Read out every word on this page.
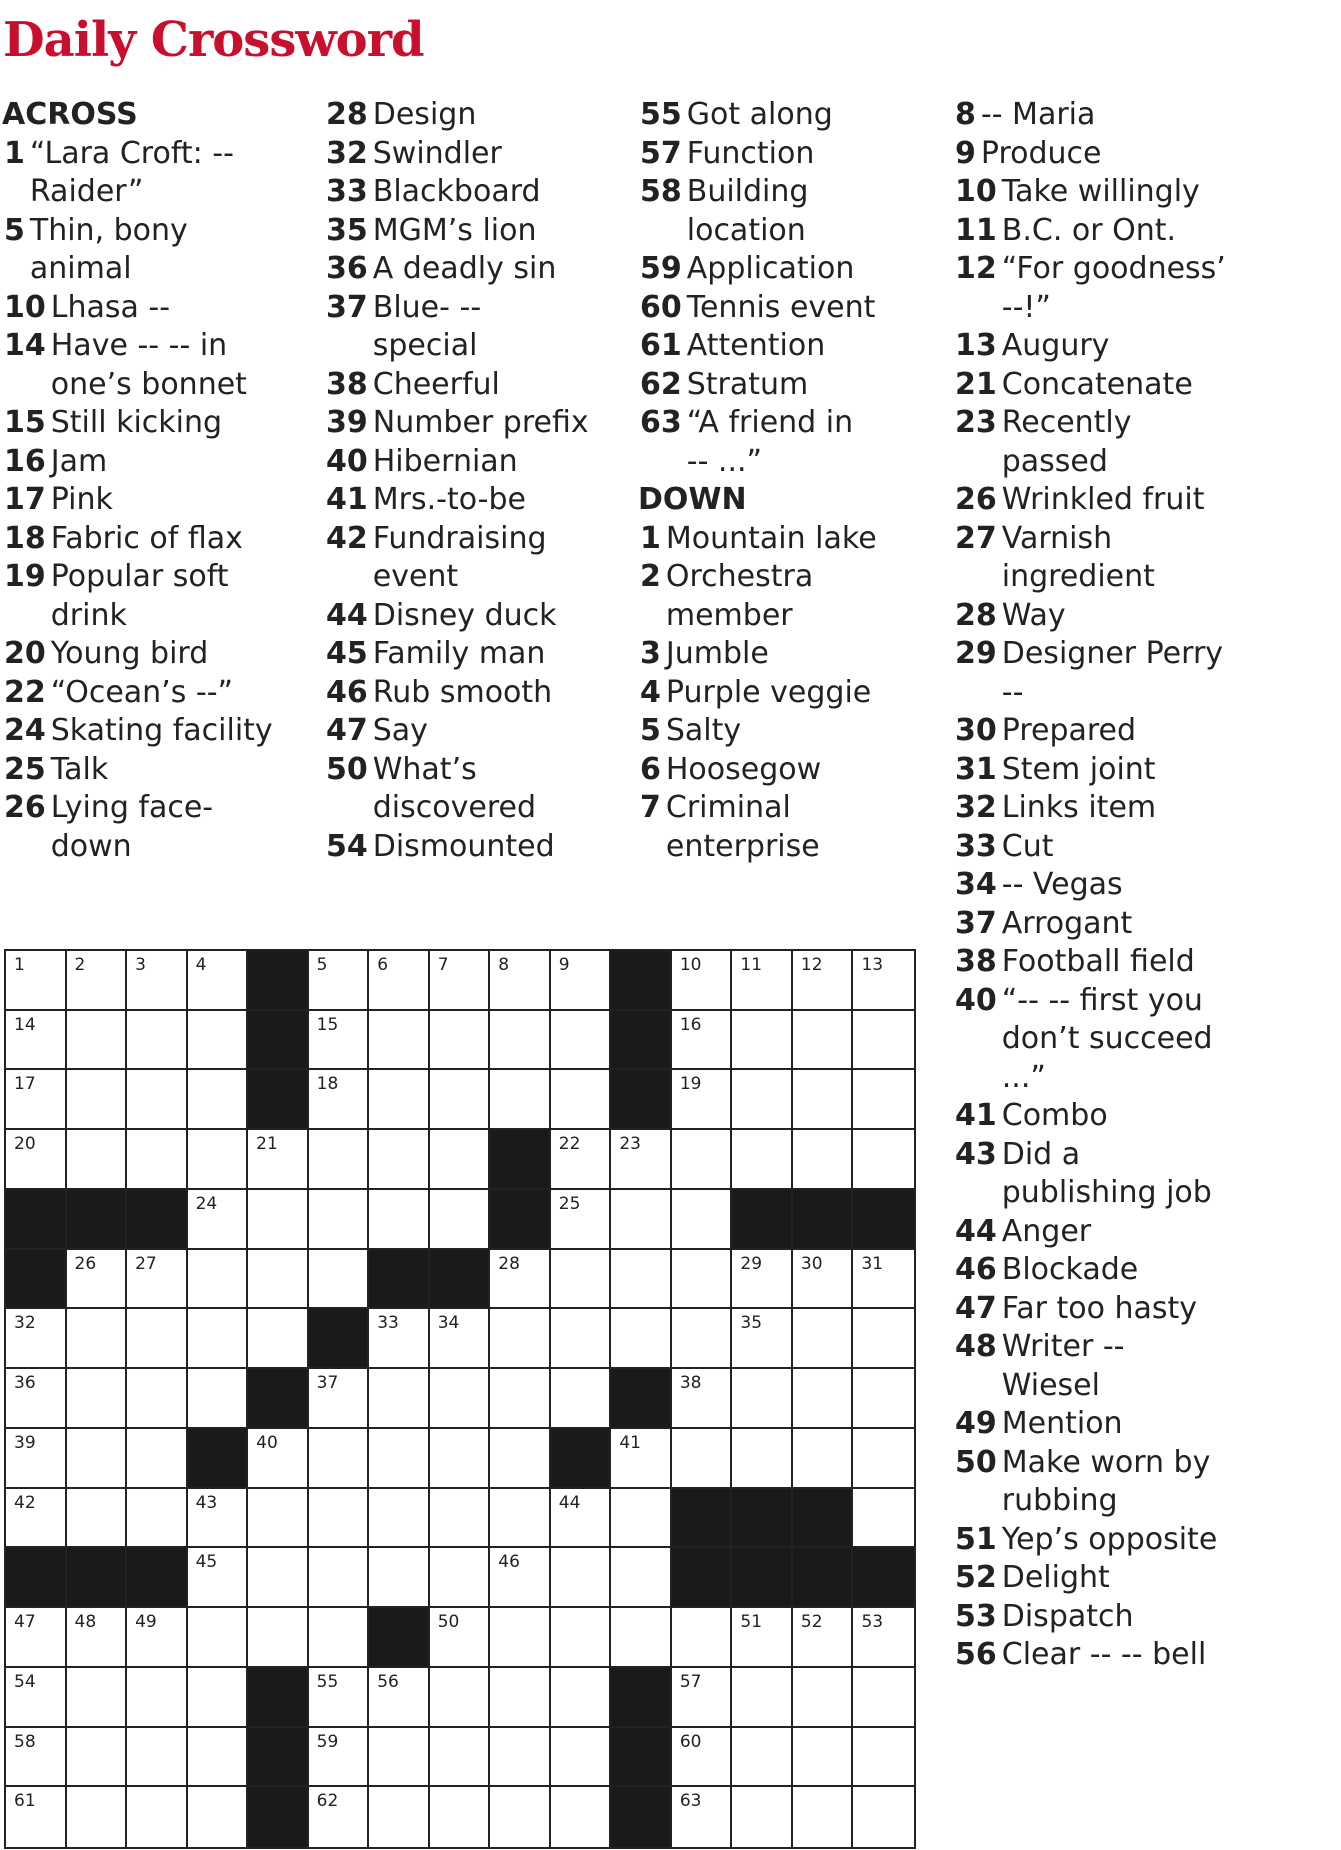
Daily Crossword
ACROSS
1 “Lara Croft: --
Raider”
5 Thin, bony
animal
10 Lhasa --
14 Have -- -- in
one’s bonnet
15 Still kicking
16 Jam
17 Pink
18 Fabric of flax
19 Popular soft
drink
20 Young bird
22 “Ocean’s --”
24 Skating facility
25 Talk
26 Lying face-
down
28 Design
32 Swindler
33 Blackboard
35 MGM’s lion
36 A deadly sin
37 Blue- --
special
38 Cheerful
39 Number prefix
40 Hibernian
41 Mrs.-to-be
42 Fundraising
event
44 Disney duck
45 Family man
46 Rub smooth
47 Say
50 What’s
discovered
54 Dismounted
55 Got along
57 Function
58 Building
location
59 Application
60 Tennis event
61 Attention
62 Stratum
63 “A friend in
-- ...”
DOWN
1 Mountain lake
2 Orchestra
member
3 Jumble
4 Purple veggie
5 Salty
6 Hoosegow
7 Criminal
enterprise
8 -- Maria
9 Produce
10 Take willingly
11 B.C. or Ont.
12 “For goodness’
--!”
13 Augury
21 Concatenate
23 Recently
passed
26 Wrinkled fruit
27 Varnish
ingredient
28 Way
29 Designer Perry
--
30 Prepared
31 Stem joint
32 Links item
33 Cut
34 -- Vegas
37 Arrogant
38 Football field
40 “-- -- first you
don’t succeed
...”
41 Combo
43 Did a
publishing job
44 Anger
46 Blockade
47 Far too hasty
48 Writer --
Wiesel
49 Mention
50 Make worn by
rubbing
51 Yep’s opposite
52 Delight
53 Dispatch
56 Clear -- -- bell
1	2	3	4	5	6	7	8	9	10 11 12 13
14	15	16
17	18	19
20	21	22 23
24	25
26 27	28	29 30 31
32	33 34	35
36	37	38
39	40	41
42	43	44
45	46
47 48 49	50	51 52 53
54	55 56	57
58	59	60
61	62	63
